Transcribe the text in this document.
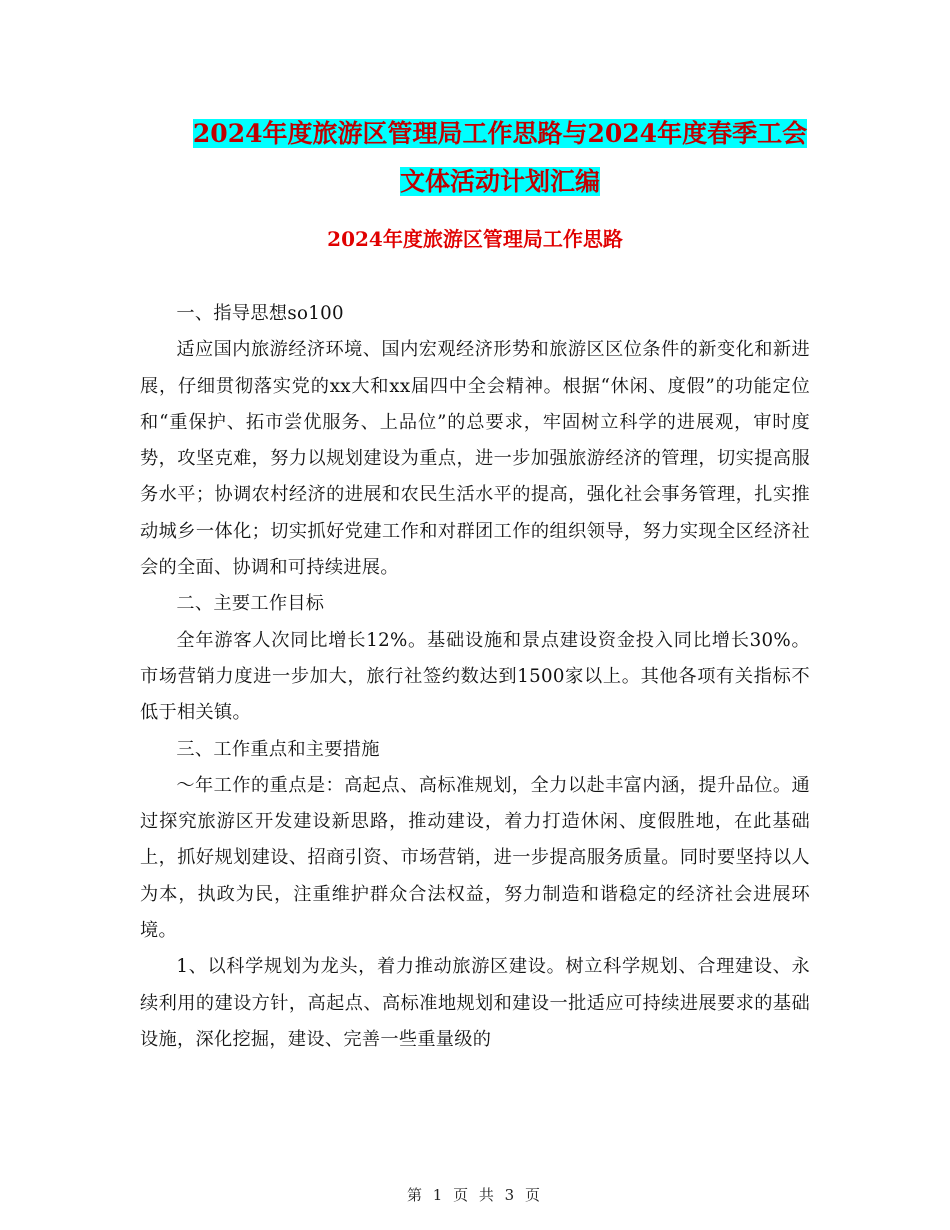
2024年度旅游区管理局工作思路与2024年度春季工会
文体活动计划汇编
2024年度旅游区管理局工作思路

一、指导思想so100

适应国内旅游经济环境、国内宏观经济形势和旅游区区位条件的新变化和新进展，仔细贯彻落实党的xx大和xx届四中全会精神。根据“休闲、度假”的功能定位和“重保护、拓市尝优服务、上品位”的总要求，牢固树立科学的进展观，审时度势，攻坚克难，努力以规划建设为重点，进一步加强旅游经济的管理，切实提高服务水平；协调农村经济的进展和农民生活水平的提高，强化社会事务管理，扎实推动城乡一体化；切实抓好党建工作和对群团工作的组织领导，努力实现全区经济社会的全面、协调和可持续进展。

二、主要工作目标

全年游客人次同比增长12%。基础设施和景点建设资金投入同比增长30%。市场营销力度进一步加大，旅行社签约数达到1500家以上。其他各项有关指标不低于相关镇。

三、工作重点和主要措施

～年工作的重点是：高起点、高标准规划，全力以赴丰富内涵，提升品位。通过探究旅游区开发建设新思路，推动建设，着力打造休闲、度假胜地，在此基础上，抓好规划建设、招商引资、市场营销，进一步提高服务质量。同时要坚持以人为本，执政为民，注重维护群众合法权益，努力制造和谐稳定的经济社会进展环境。

1、以科学规划为龙头，着力推动旅游区建设。树立科学规划、合理建设、永续利用的建设方针，高起点、高标准地规划和建设一批适应可持续进展要求的基础设施，深化挖掘，建设、完善一些重量级的

第 1 页 共 3 页
